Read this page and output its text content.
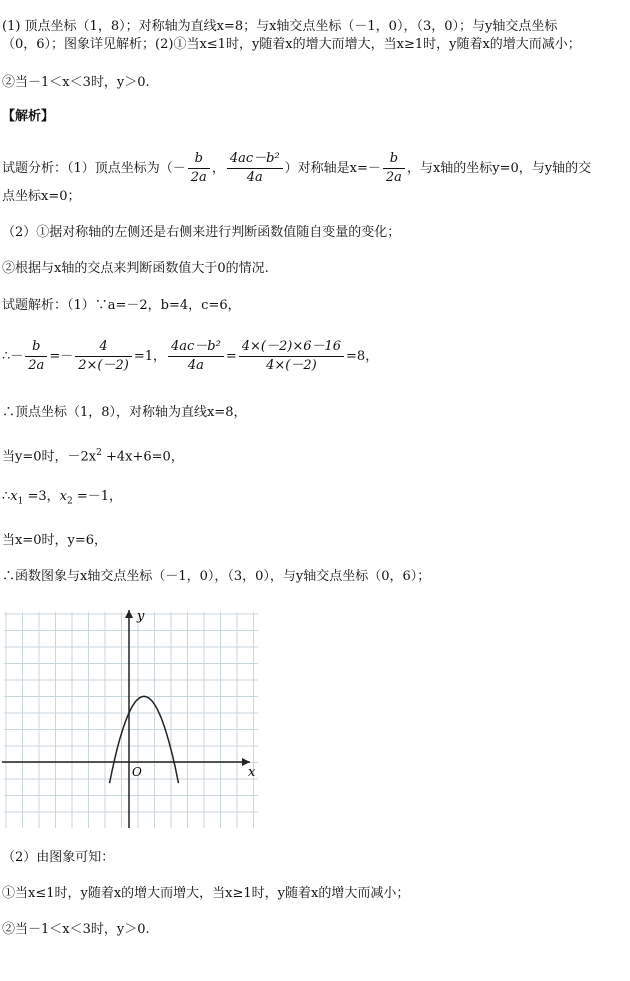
(1) 顶点坐标（1，8）；对称轴为直线x=8；与x轴交点坐标（－1，0），（3，0）；与y轴交点坐标
（0，6）；图象详见解析；(2)①当x≤1时，y随着x的增大而增大，当x≥1时，y随着x的增大而减小；
②当－1＜x＜3时，y＞0.
【解析】
试题分析：（1）顶点坐标为（－ $\frac{b}{2a}$ ， $\frac{\text{4ac－b²}}{4a}$ ）对称轴是$x=- \frac{b}{2a}$ ，与x轴的坐标y=0，与y轴的交
点坐标x=0；
（2）①据对称轴的左侧还是右侧来进行判断函数值随自变量的变化；
②根据与x轴的交点来判断函数值大于0的情况.
试题解析：（1）∵a=－2，b=4，c=6，
∴－ $\frac{b}{2a} =- \frac{4}{2\times(-2)} =1$， $\frac{\text{4ac－b²}}{4a} = \frac{4\times(-2)\times 6-16}{4\times(-2)} =8$，
∴顶点坐标（1，8），对称轴为直线x=8，
当y=0时，$-2x^2 +4x+6=0$，
$\therefore x_1 =3$，$x_2 =-1$，
当x=0时，y=6，
∴函数图象与x轴交点坐标（－1，0），（3，0），与y轴交点坐标（0，6）；
x
y
O
（2）由图象可知：
①当x≤1时，y随着x的增大而增大，当x≥1时，y随着x的增大而减小；
②当－1＜x＜3时，y＞0.
